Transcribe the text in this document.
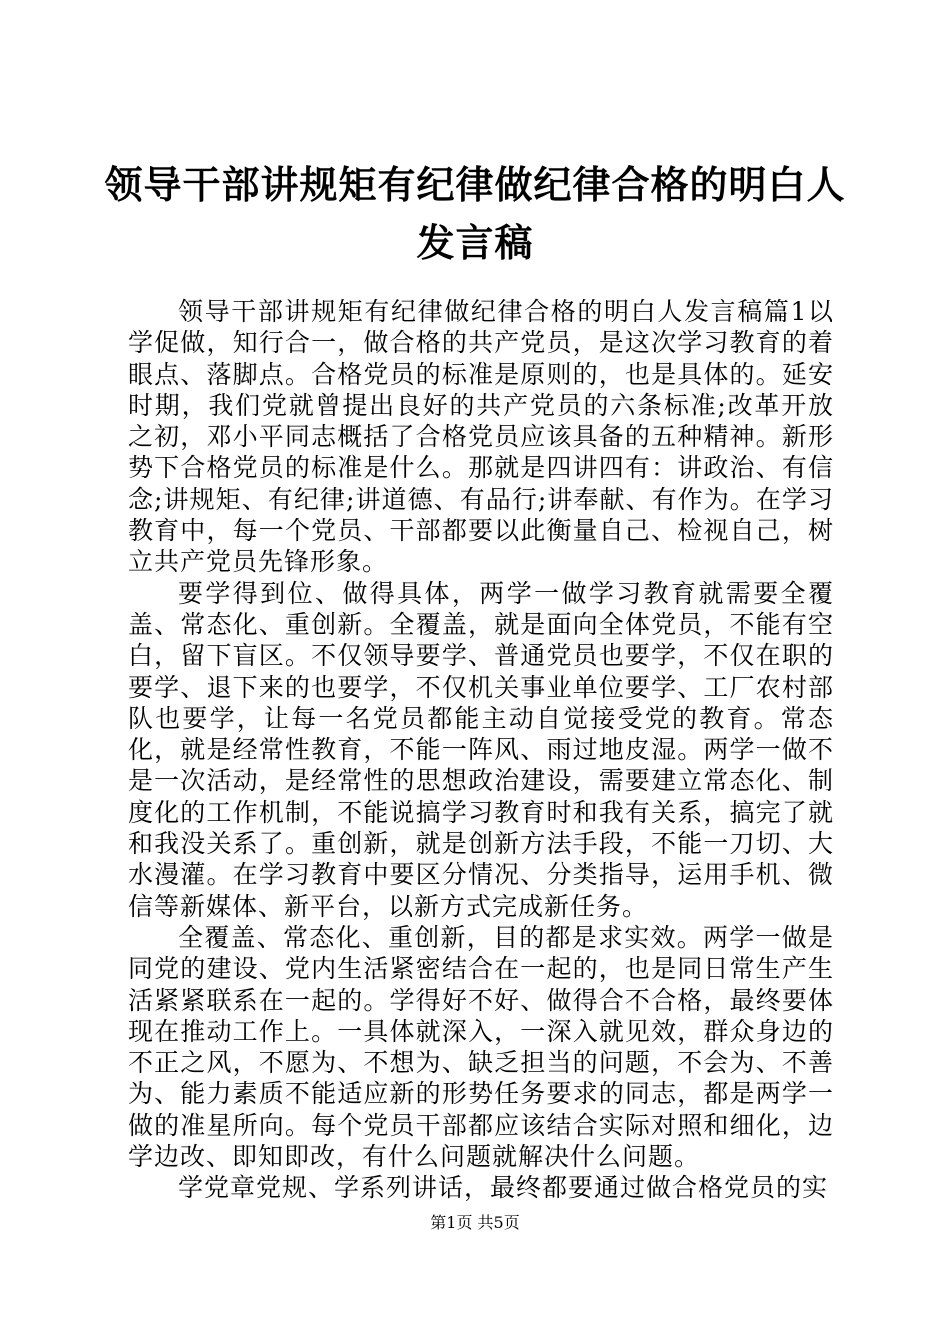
领导干部讲规矩有纪律做纪律合格的明白人发言稿

领导干部讲规矩有纪律做纪律合格的明白人发言稿篇1以学促做，知行合一，做合格的共产党员，是这次学习教育的着眼点、落脚点。合格党员的标准是原则的，也是具体的。延安时期，我们党就曾提出良好的共产党员的六条标准;改革开放之初，邓小平同志概括了合格党员应该具备的五种精神。新形势下合格党员的标准是什么。那就是四讲四有：讲政治、有信念;讲规矩、有纪律;讲道德、有品行;讲奉献、有作为。在学习教育中，每一个党员、干部都要以此衡量自己、检视自己，树立共产党员先锋形象。

要学得到位、做得具体，两学一做学习教育就需要全覆盖、常态化、重创新。全覆盖，就是面向全体党员，不能有空白，留下盲区。不仅领导要学、普通党员也要学，不仅在职的要学、退下来的也要学，不仅机关事业单位要学、工厂农村部队也要学，让每一名党员都能主动自觉接受党的教育。常态化，就是经常性教育，不能一阵风、雨过地皮湿。两学一做不是一次活动，是经常性的思想政治建设，需要建立常态化、制度化的工作机制，不能说搞学习教育时和我有关系，搞完了就和我没关系了。重创新，就是创新方法手段，不能一刀切、大水漫灌。在学习教育中要区分情况、分类指导，运用手机、微信等新媒体、新平台，以新方式完成新任务。

全覆盖、常态化、重创新，目的都是求实效。两学一做是同党的建设、党内生活紧密结合在一起的，也是同日常生产生活紧紧联系在一起的。学得好不好、做得合不合格，最终要体现在推动工作上。一具体就深入，一深入就见效，群众身边的不正之风，不愿为、不想为、缺乏担当的问题，不会为、不善为、能力素质不能适应新的形势任务要求的同志，都是两学一做的准星所向。每个党员干部都应该结合实际对照和细化，边学边改、即知即改，有什么问题就解决什么问题。

学党章党规、学系列讲话，最终都要通过做合格党员的实

第1页 共5页
